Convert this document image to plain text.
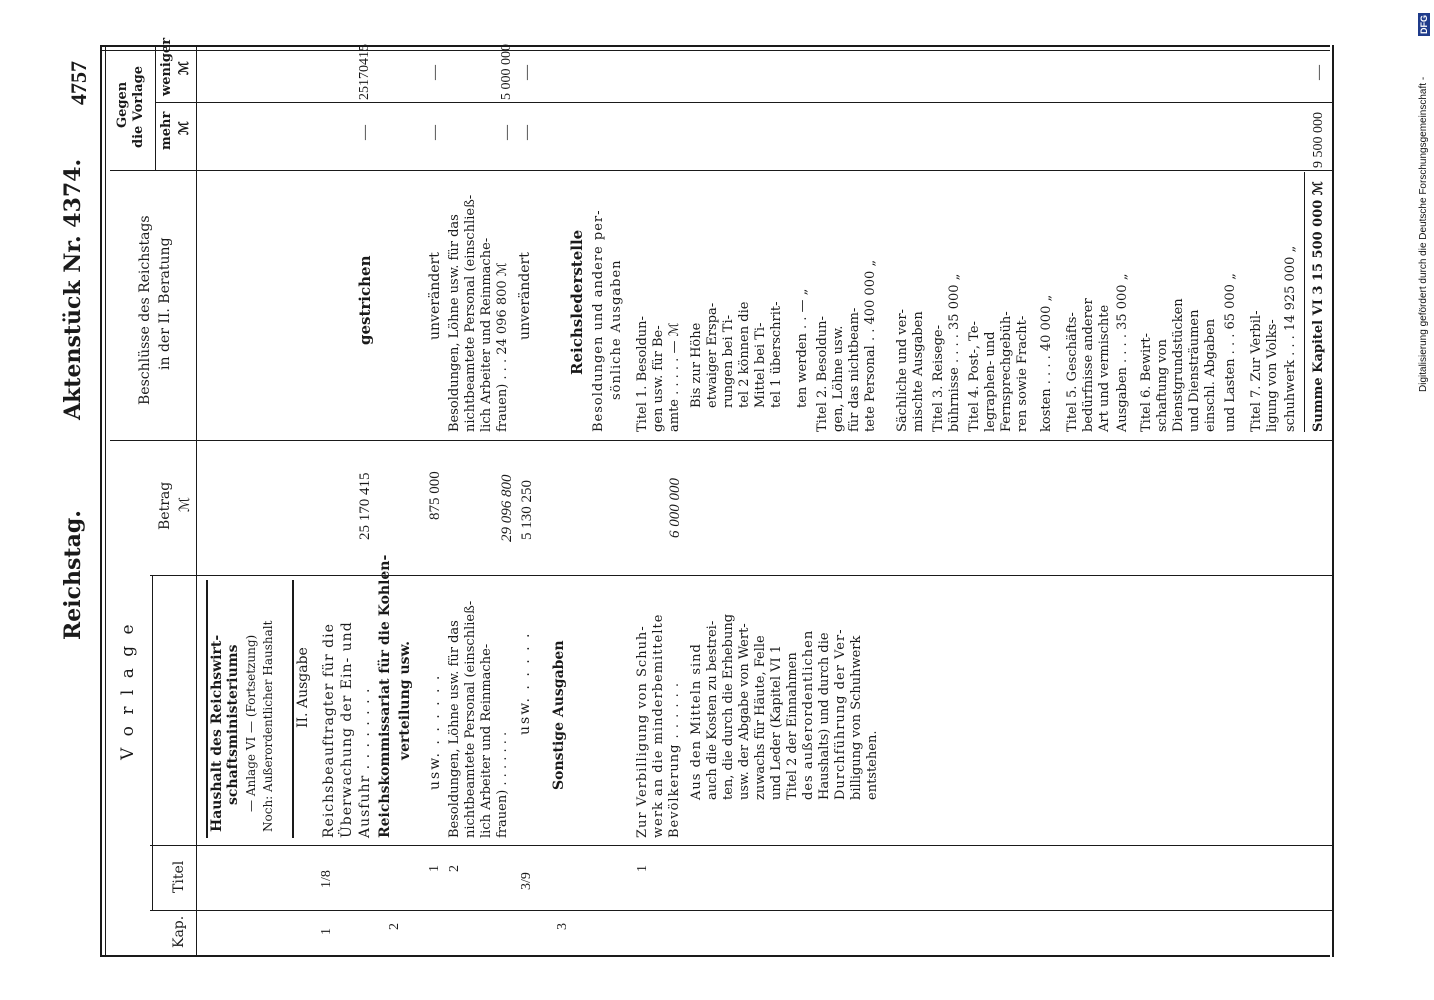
Reichstag.
Aktenstück Nr. 4374.
4757
Kap.
Titel
V o r l a g e
Betrag ℳ
Beschlüsse des Reichstags in der II. Beratung
Gegen die Vorlage mehr ℳ
weniger ℳ
Haushalt des Reichswirt- schaftsministeriums — Anlage VI — (Fortsetzung) Noch: Außerordentlicher Haushalt II. Ausgabe
1
1/8
Reichsbeauftragter für die Überwachung der Ein- und Ausfuhr . . . . . . . .
25 170 415
gestrichen
—
25170415
2
Reichskommissariat für die Kohlen- verteilung usw.
1
usw. . . . . . .
875 000
unverändert
—
—
2
Besoldungen, Löhne usw. für das nichtbeamtete Personal (einschließ- lich Arbeiter und Reinmache- frauen) . . . . . . .
Besoldungen, Löhne usw. für das nichtbeamtete Personal (einschließ- lich Arbeiter und Reinmache- frauen) . . . 24 096 800 ℳ
29 096 800
—
5 000 000
3/9
usw. . . . . .
5 130 250
unverändert
—
—
3
Sonstige Ausgaben
Reichslederstelle Besoldungen und andere per- sönliche Ausgaben
1
Zur Verbilligung von Schuh- werk an die minderbemittelte Bevölkerung . . . . . . Aus den Mitteln sind auch die Kosten zu bestrei- ten, die durch die Erhebung usw. der Abgabe von Wert- zuwachs für Häute, Felle und Leder (Kapitel VI 1 Titel 2 der Einnahmen des außerordentlichen Haushalts) und durch die Durchführung der Ver- billigung von Schuhwerk entstehen.
6 000 000
Titel 1. Besoldun- gen usw. für Be- amte . . . . . — ℳ Bis zur Höhe etwaiger Erspa- rungen bei Ti- tel 2 können die Mittel bei Ti- tel 1 überschrit- ten werden . . — „ Titel 2. Besoldun- gen, Löhne usw. für das nichtbeam- tete Personal . . 400 000 „ Sächliche und ver- mischte Ausgaben Titel 3. Reisege- bührnisse . . . . 35 000 „ Titel 4. Post-, Te- legraphen- und Fernsprechgebüh- ren sowie Fracht- kosten . . . . 40 000 „ Titel 5. Geschäfts- bedürfnisse anderer Art und vermischte Ausgaben . . . . 35 000 „ Titel 6. Bewirt- schaftung von Dienstgrundstücken und Diensträumen einschl. Abgaben und Lasten . . . 65 000 „ Titel 7. Zur Verbil- ligung von Volks- schuhwerk . . . 14 925 000 „ Summe Kapitel VI 3 15 500 000 ℳ
9 500 000
—
Digitalisierung gefördert durch die Deutsche Forschungsgemeinschaft -
DFG
